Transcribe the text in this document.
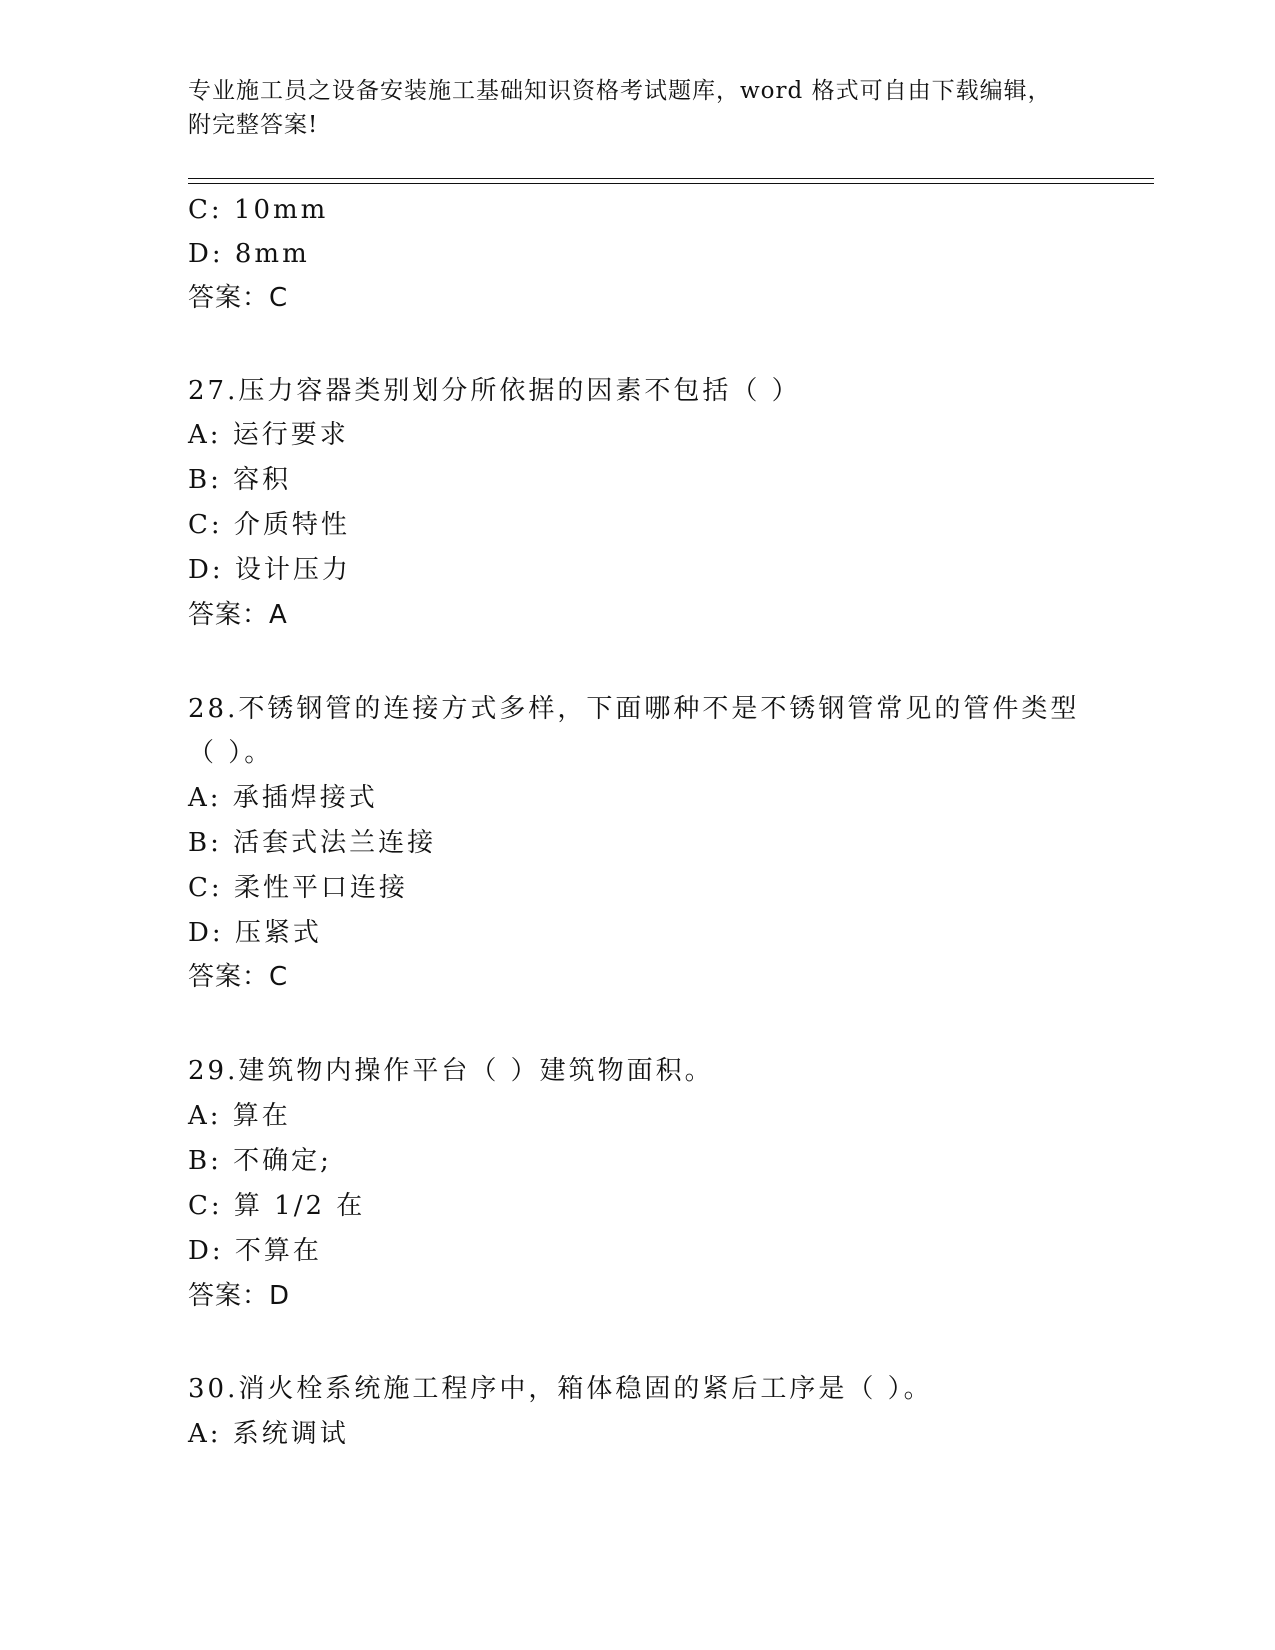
专业施工员之设备安装施工基础知识资格考试题库，word 格式可自由下载编辑，
附完整答案!
C: 10mm
D: 8mm
答案：C
27.压力容器类别划分所依据的因素不包括（ ）
A: 运行要求
B: 容积
C: 介质特性
D: 设计压力
答案：A
28.不锈钢管的连接方式多样，下面哪种不是不锈钢管常见的管件类型
（ ）。
A: 承插焊接式
B: 活套式法兰连接
C: 柔性平口连接
D: 压紧式
答案：C
29.建筑物内操作平台（ ）建筑物面积。
A: 算在
B: 不确定;
C: 算 1/2 在
D: 不算在
答案：D
30.消火栓系统施工程序中，箱体稳固的紧后工序是（ ）。
A: 系统调试
